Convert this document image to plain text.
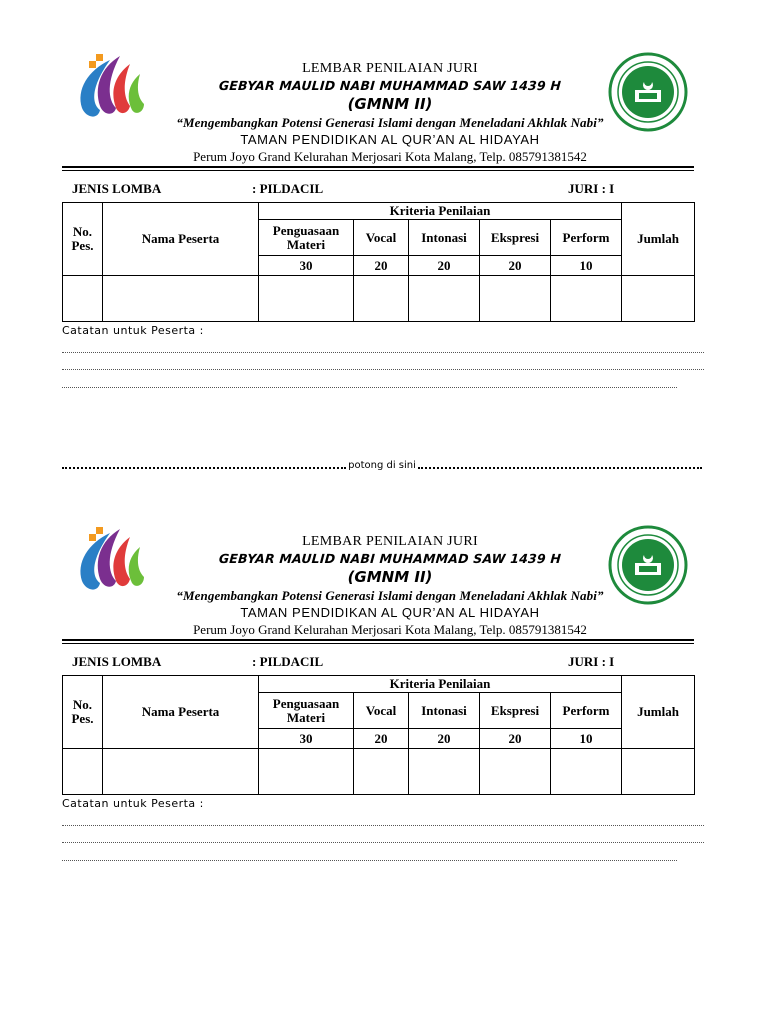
LEMBAR PENILAIAN JURI
GEBYAR MAULID NABI MUHAMMAD SAW 1439 H
(GMNM II)
“Mengembangkan Potensi Generasi Islami dengan Meneladani Akhlak Nabi”
TAMAN PENDIDIKAN AL QUR’AN AL HIDAYAH
Perum Joyo Grand Kelurahan Merjosari Kota Malang, Telp. 085791381542
JENIS LOMBA	: PILDACIL	JURI : I
No. Pes.	Nama Peserta	Kriteria Penilaian					Jumlah
		Penguasaan Materi	Vocal	Intonasi	Ekspresi	Perform	
		30	20	20	20	10	

Catatan untuk Peserta :
potong di sini
LEMBAR PENILAIAN JURI
GEBYAR MAULID NABI MUHAMMAD SAW 1439 H
(GMNM II)
“Mengembangkan Potensi Generasi Islami dengan Meneladani Akhlak Nabi”
TAMAN PENDIDIKAN AL QUR’AN AL HIDAYAH
Perum Joyo Grand Kelurahan Merjosari Kota Malang, Telp. 085791381542
JENIS LOMBA	: PILDACIL	JURI : I
No. Pes.	Nama Peserta	Kriteria Penilaian					Jumlah
		Penguasaan Materi	Vocal	Intonasi	Ekspresi	Perform	
		30	20	20	20	10	

Catatan untuk Peserta :
